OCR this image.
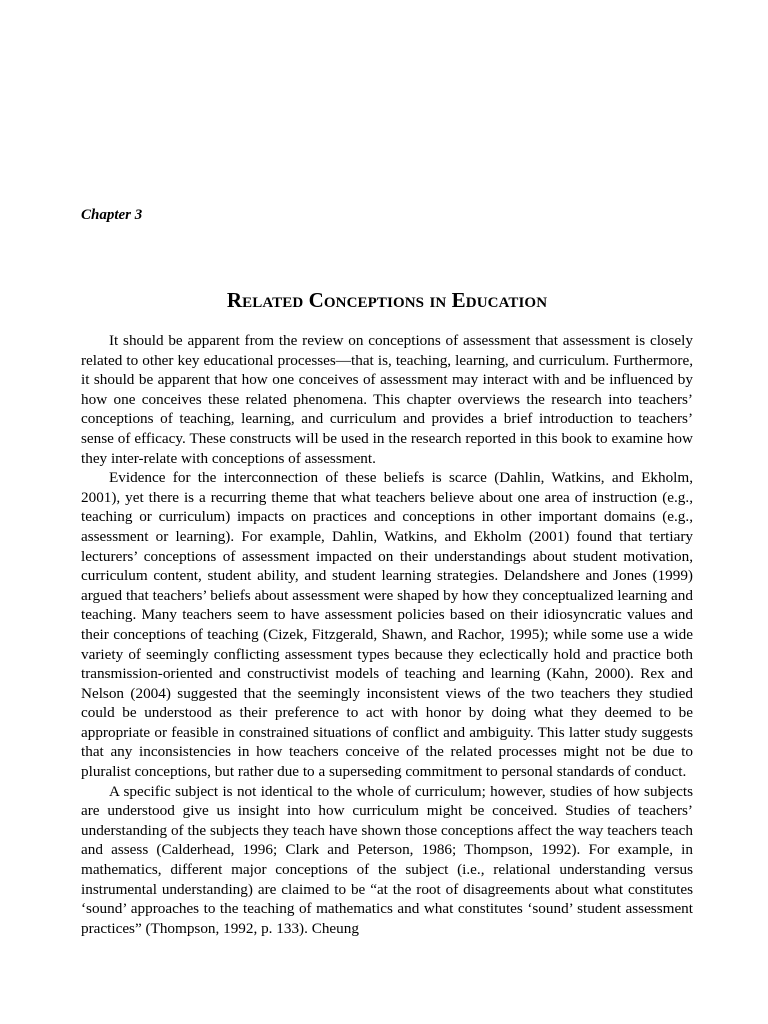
Chapter 3
Related Conceptions in Education

It should be apparent from the review on conceptions of assessment that assessment is closely related to other key educational processes—that is, teaching, learning, and curriculum. Furthermore, it should be apparent that how one conceives of assessment may interact with and be influenced by how one conceives these related phenomena. This chapter overviews the research into teachers’ conceptions of teaching, learning, and curriculum and provides a brief introduction to teachers’ sense of efficacy. These constructs will be used in the research reported in this book to examine how they inter-relate with conceptions of assessment.

Evidence for the interconnection of these beliefs is scarce (Dahlin, Watkins, and Ekholm, 2001), yet there is a recurring theme that what teachers believe about one area of instruction (e.g., teaching or curriculum) impacts on practices and conceptions in other important domains (e.g., assessment or learning). For example, Dahlin, Watkins, and Ekholm (2001) found that tertiary lecturers’ conceptions of assessment impacted on their understandings about student motivation, curriculum content, student ability, and student learning strategies. Delandshere and Jones (1999) argued that teachers’ beliefs about assessment were shaped by how they conceptualized learning and teaching. Many teachers seem to have assessment policies based on their idiosyncratic values and their conceptions of teaching (Cizek, Fitzgerald, Shawn, and Rachor, 1995); while some use a wide variety of seemingly conflicting assessment types because they eclectically hold and practice both transmission-oriented and constructivist models of teaching and learning (Kahn, 2000). Rex and Nelson (2004) suggested that the seemingly inconsistent views of the two teachers they studied could be understood as their preference to act with honor by doing what they deemed to be appropriate or feasible in constrained situations of conflict and ambiguity. This latter study suggests that any inconsistencies in how teachers conceive of the related processes might not be due to pluralist conceptions, but rather due to a superseding commitment to personal standards of conduct.

A specific subject is not identical to the whole of curriculum; however, studies of how subjects are understood give us insight into how curriculum might be conceived. Studies of teachers’ understanding of the subjects they teach have shown those conceptions affect the way teachers teach and assess (Calderhead, 1996; Clark and Peterson, 1986; Thompson, 1992). For example, in mathematics, different major conceptions of the subject (i.e., relational understanding versus instrumental understanding) are claimed to be “at the root of disagreements about what constitutes ‘sound’ approaches to the teaching of mathematics and what constitutes ‘sound’ student assessment practices” (Thompson, 1992, p. 133). Cheung
